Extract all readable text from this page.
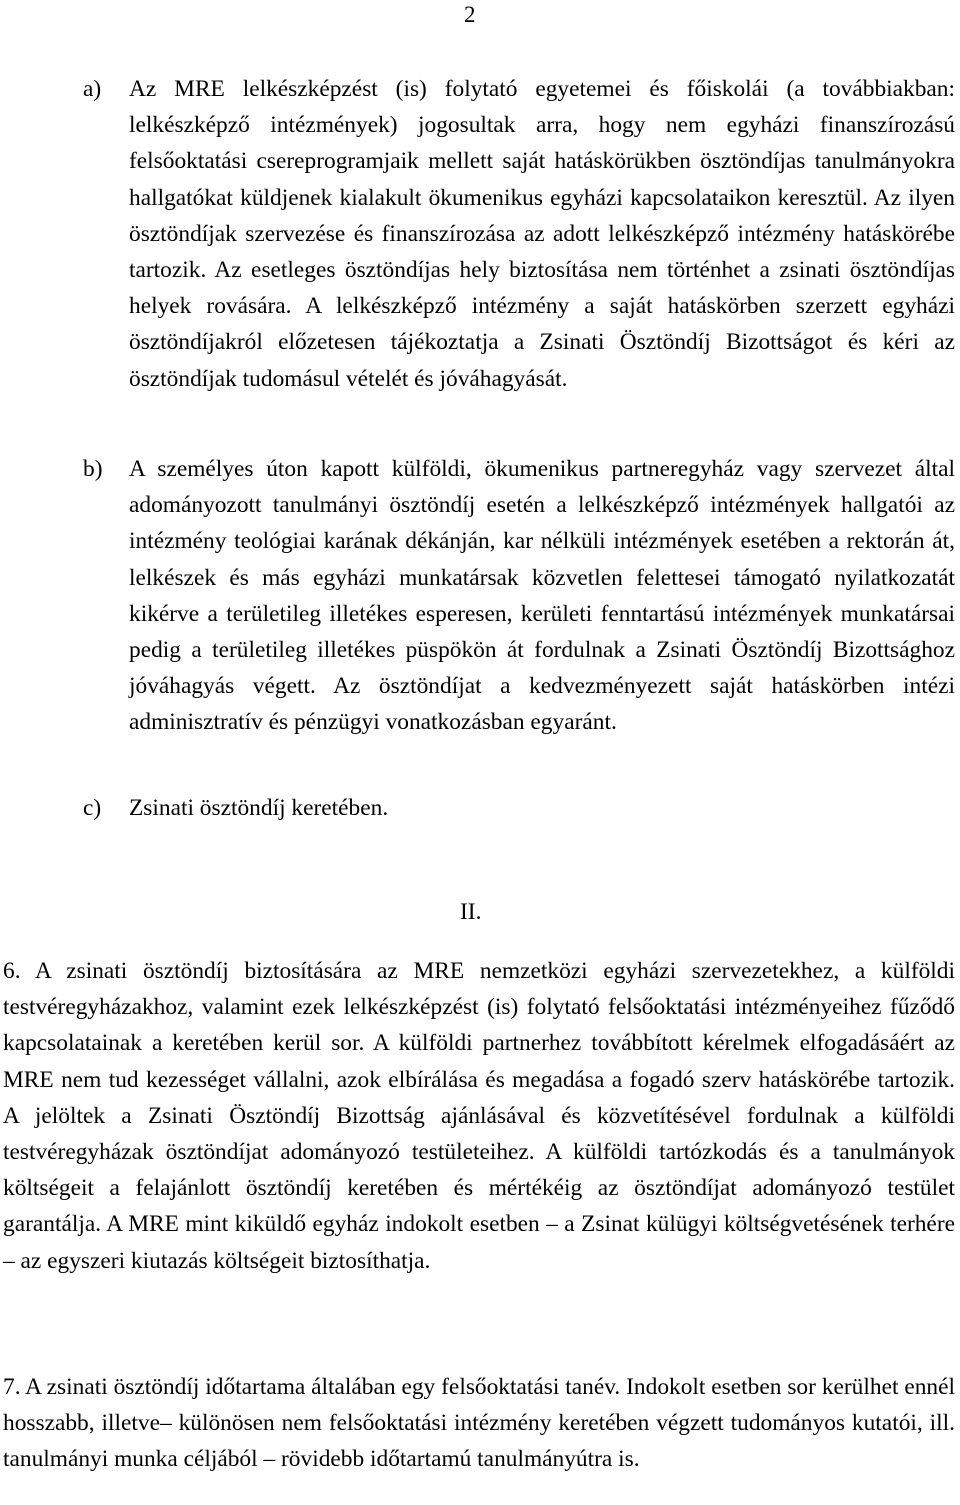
2
a) Az MRE lelkészképzést (is) folytató egyetemei és főiskolái (a továbbiakban: lelkészképző intézmények) jogosultak arra, hogy nem egyházi finanszírozású felsőoktatási csereprogramjaik mellett saját hatáskörükben ösztöndíjas tanulmányokra hallgatókat küldjenek kialakult ökumenikus egyházi kapcsolataikon keresztül. Az ilyen ösztöndíjak szervezése és finanszírozása az adott lelkészképző intézmény hatáskörébe tartozik. Az esetleges ösztöndíjas hely biztosítása nem történhet a zsinati ösztöndíjas helyek rovására. A lelkészképző intézmény a saját hatáskörben szerzett egyházi ösztöndíjakról előzetesen tájékoztatja a Zsinati Ösztöndíj Bizottságot és kéri az ösztöndíjak tudomásul vételét és jóváhagyását.
b) A személyes úton kapott külföldi, ökumenikus partneregyház vagy szervezet által adományozott tanulmányi ösztöndíj esetén a lelkészképző intézmények hallgatói az intézmény teológiai karának dékánján, kar nélküli intézmények esetében a rektorán át, lelkészek és más egyházi munkatársak közvetlen felettesei támogató nyilatkozatát kikérve a területileg illetékes esperesen, kerületi fenntartású intézmények munkatársai pedig a területileg illetékes püspökön át fordulnak a Zsinati Ösztöndíj Bizottsághoz jóváhagyás végett. Az ösztöndíjat a kedvezményezett saját hatáskörben intézi adminisztratív és pénzügyi vonatkozásban egyaránt.
c) Zsinati ösztöndíj keretében.
II.
6. A zsinati ösztöndíj biztosítására az MRE nemzetközi egyházi szervezetekhez, a külföldi testvéregyházakhoz, valamint ezek lelkészképzést (is) folytató felsőoktatási intézményeihez fűződő kapcsolatainak a keretében kerül sor. A külföldi partnerhez továbbított kérelmek elfogadásáért az MRE nem tud kezességet vállalni, azok elbírálása és megadása a fogadó szerv hatáskörébe tartozik. A jelöltek a Zsinati Ösztöndíj Bizottság ajánlásával és közvetítésével fordulnak a külföldi testvéregyházak ösztöndíjat adományozó testületeihez. A külföldi tartózkodás és a tanulmányok költségeit a felajánlott ösztöndíj keretében és mértékéig az ösztöndíjat adományozó testület garantálja. A MRE mint kiküldő egyház indokolt esetben – a Zsinat külügyi költségvetésének terhére – az egyszeri kiutazás költségeit biztosíthatja.
7. A zsinati ösztöndíj időtartama általában egy felsőoktatási tanév. Indokolt esetben sor kerülhet ennél hosszabb, illetve– különösen nem felsőoktatási intézmény keretében végzett tudományos kutatói, ill. tanulmányi munka céljából – rövidebb időtartamú tanulmányútra is.
